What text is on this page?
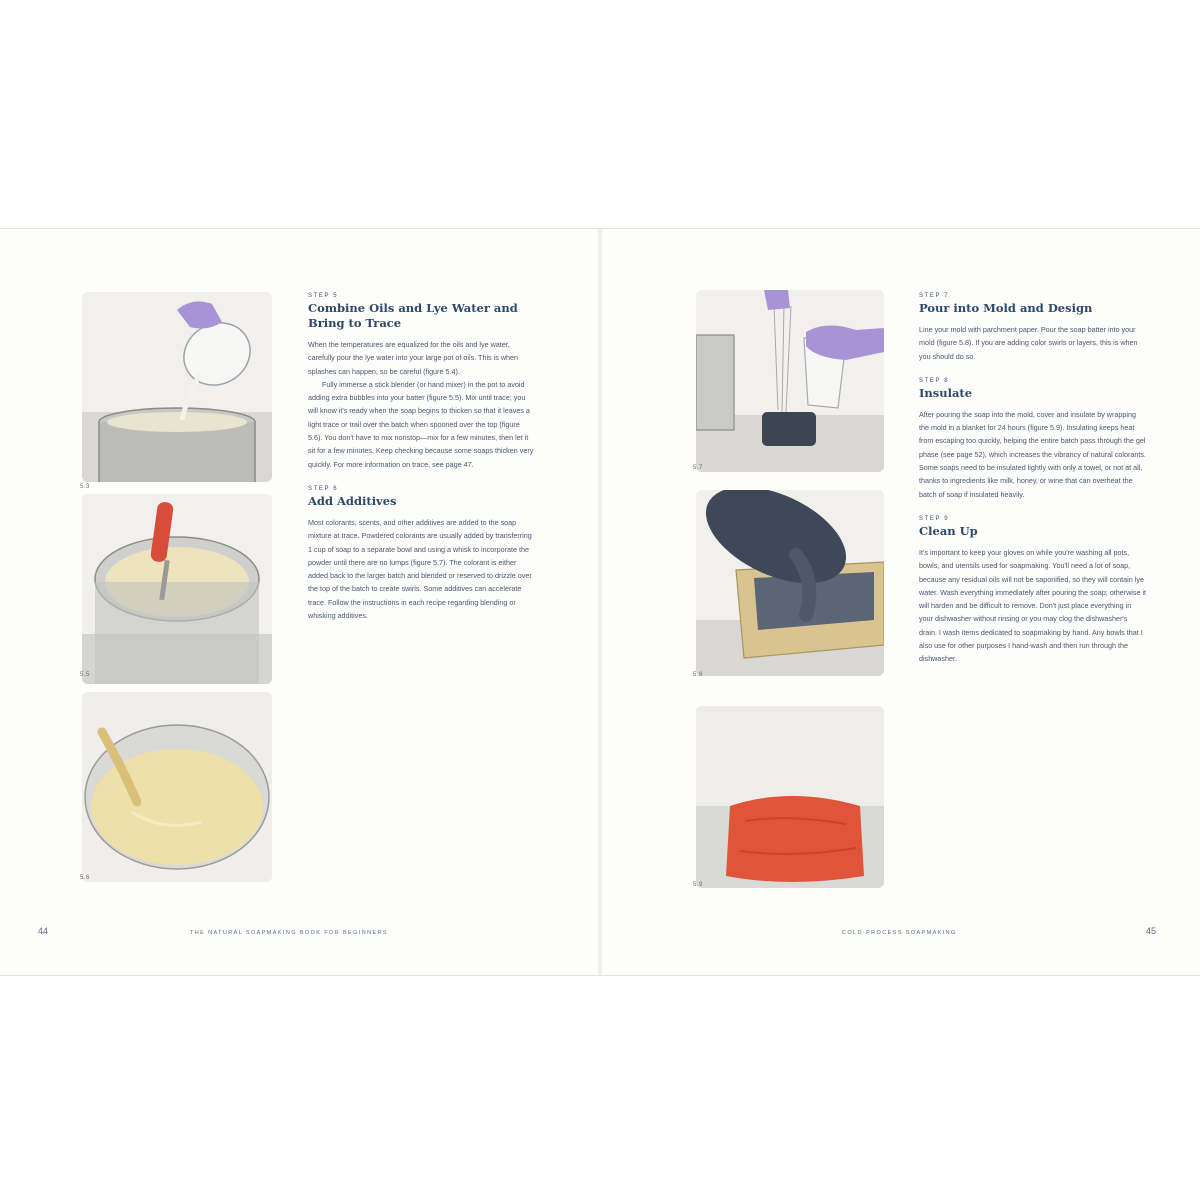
5.3
5.5
5.6
STEP 5
Combine Oils and Lye Water and Bring to Trace

When the temperatures are equalized for the oils and lye water, carefully pour the lye water into your large pot of oils. This is when splashes can happen, so be careful (figure 5.4).

Fully immerse a stick blender (or hand mixer) in the pot to avoid adding extra bubbles into your batter (figure 5.5). Mix until trace; you will know it's ready when the soap begins to thicken so that it leaves a light trace or trail over the batch when spooned over the top (figure 5.6). You don't have to mix nonstop—mix for a few minutes, then let it sit for a few minutes. Keep checking because some soaps thicken very quickly. For more information on trace, see page 47.

STEP 6
Add Additives

Most colorants, scents, and other additives are added to the soap mixture at trace. Powdered colorants are usually added by transferring 1 cup of soap to a separate bowl and using a whisk to incorporate the powder until there are no lumps (figure 5.7). The colorant is either added back to the larger batch and blended or reserved to drizzle over the top of the batch to create swirls. Some additives can accelerate trace. Follow the instructions in each recipe regarding blending or whisking additives.

5.7
5.8
5.9
STEP 7
Pour into Mold and Design

Line your mold with parchment paper. Pour the soap batter into your mold (figure 5.8). If you are adding color swirls or layers, this is when you should do so.

STEP 8
Insulate

After pouring the soap into the mold, cover and insulate by wrapping the mold in a blanket for 24 hours (figure 5.9). Insulating keeps heat from escaping too quickly, helping the entire batch pass through the gel phase (see page 52), which increases the vibrancy of natural colorants. Some soaps need to be insulated lightly with only a towel, or not at all, thanks to ingredients like milk, honey, or wine that can overheat the batch of soap if insulated heavily.

STEP 9
Clean Up

It's important to keep your gloves on while you're washing all pots, bowls, and utensils used for soapmaking. You'll need a lot of soap, because any residual oils will not be saponified, so they will contain lye water. Wash everything immediately after pouring the soap; otherwise it will harden and be difficult to remove. Don't just place everything in your dishwasher without rinsing or you may clog the dishwasher's drain. I wash items dedicated to soapmaking by hand. Any bowls that I also use for other purposes I hand-wash and then run through the dishwasher.

44	THE NATURAL SOAPMAKING BOOK FOR BEGINNERS	COLD-PROCESS SOAPMAKING	45
